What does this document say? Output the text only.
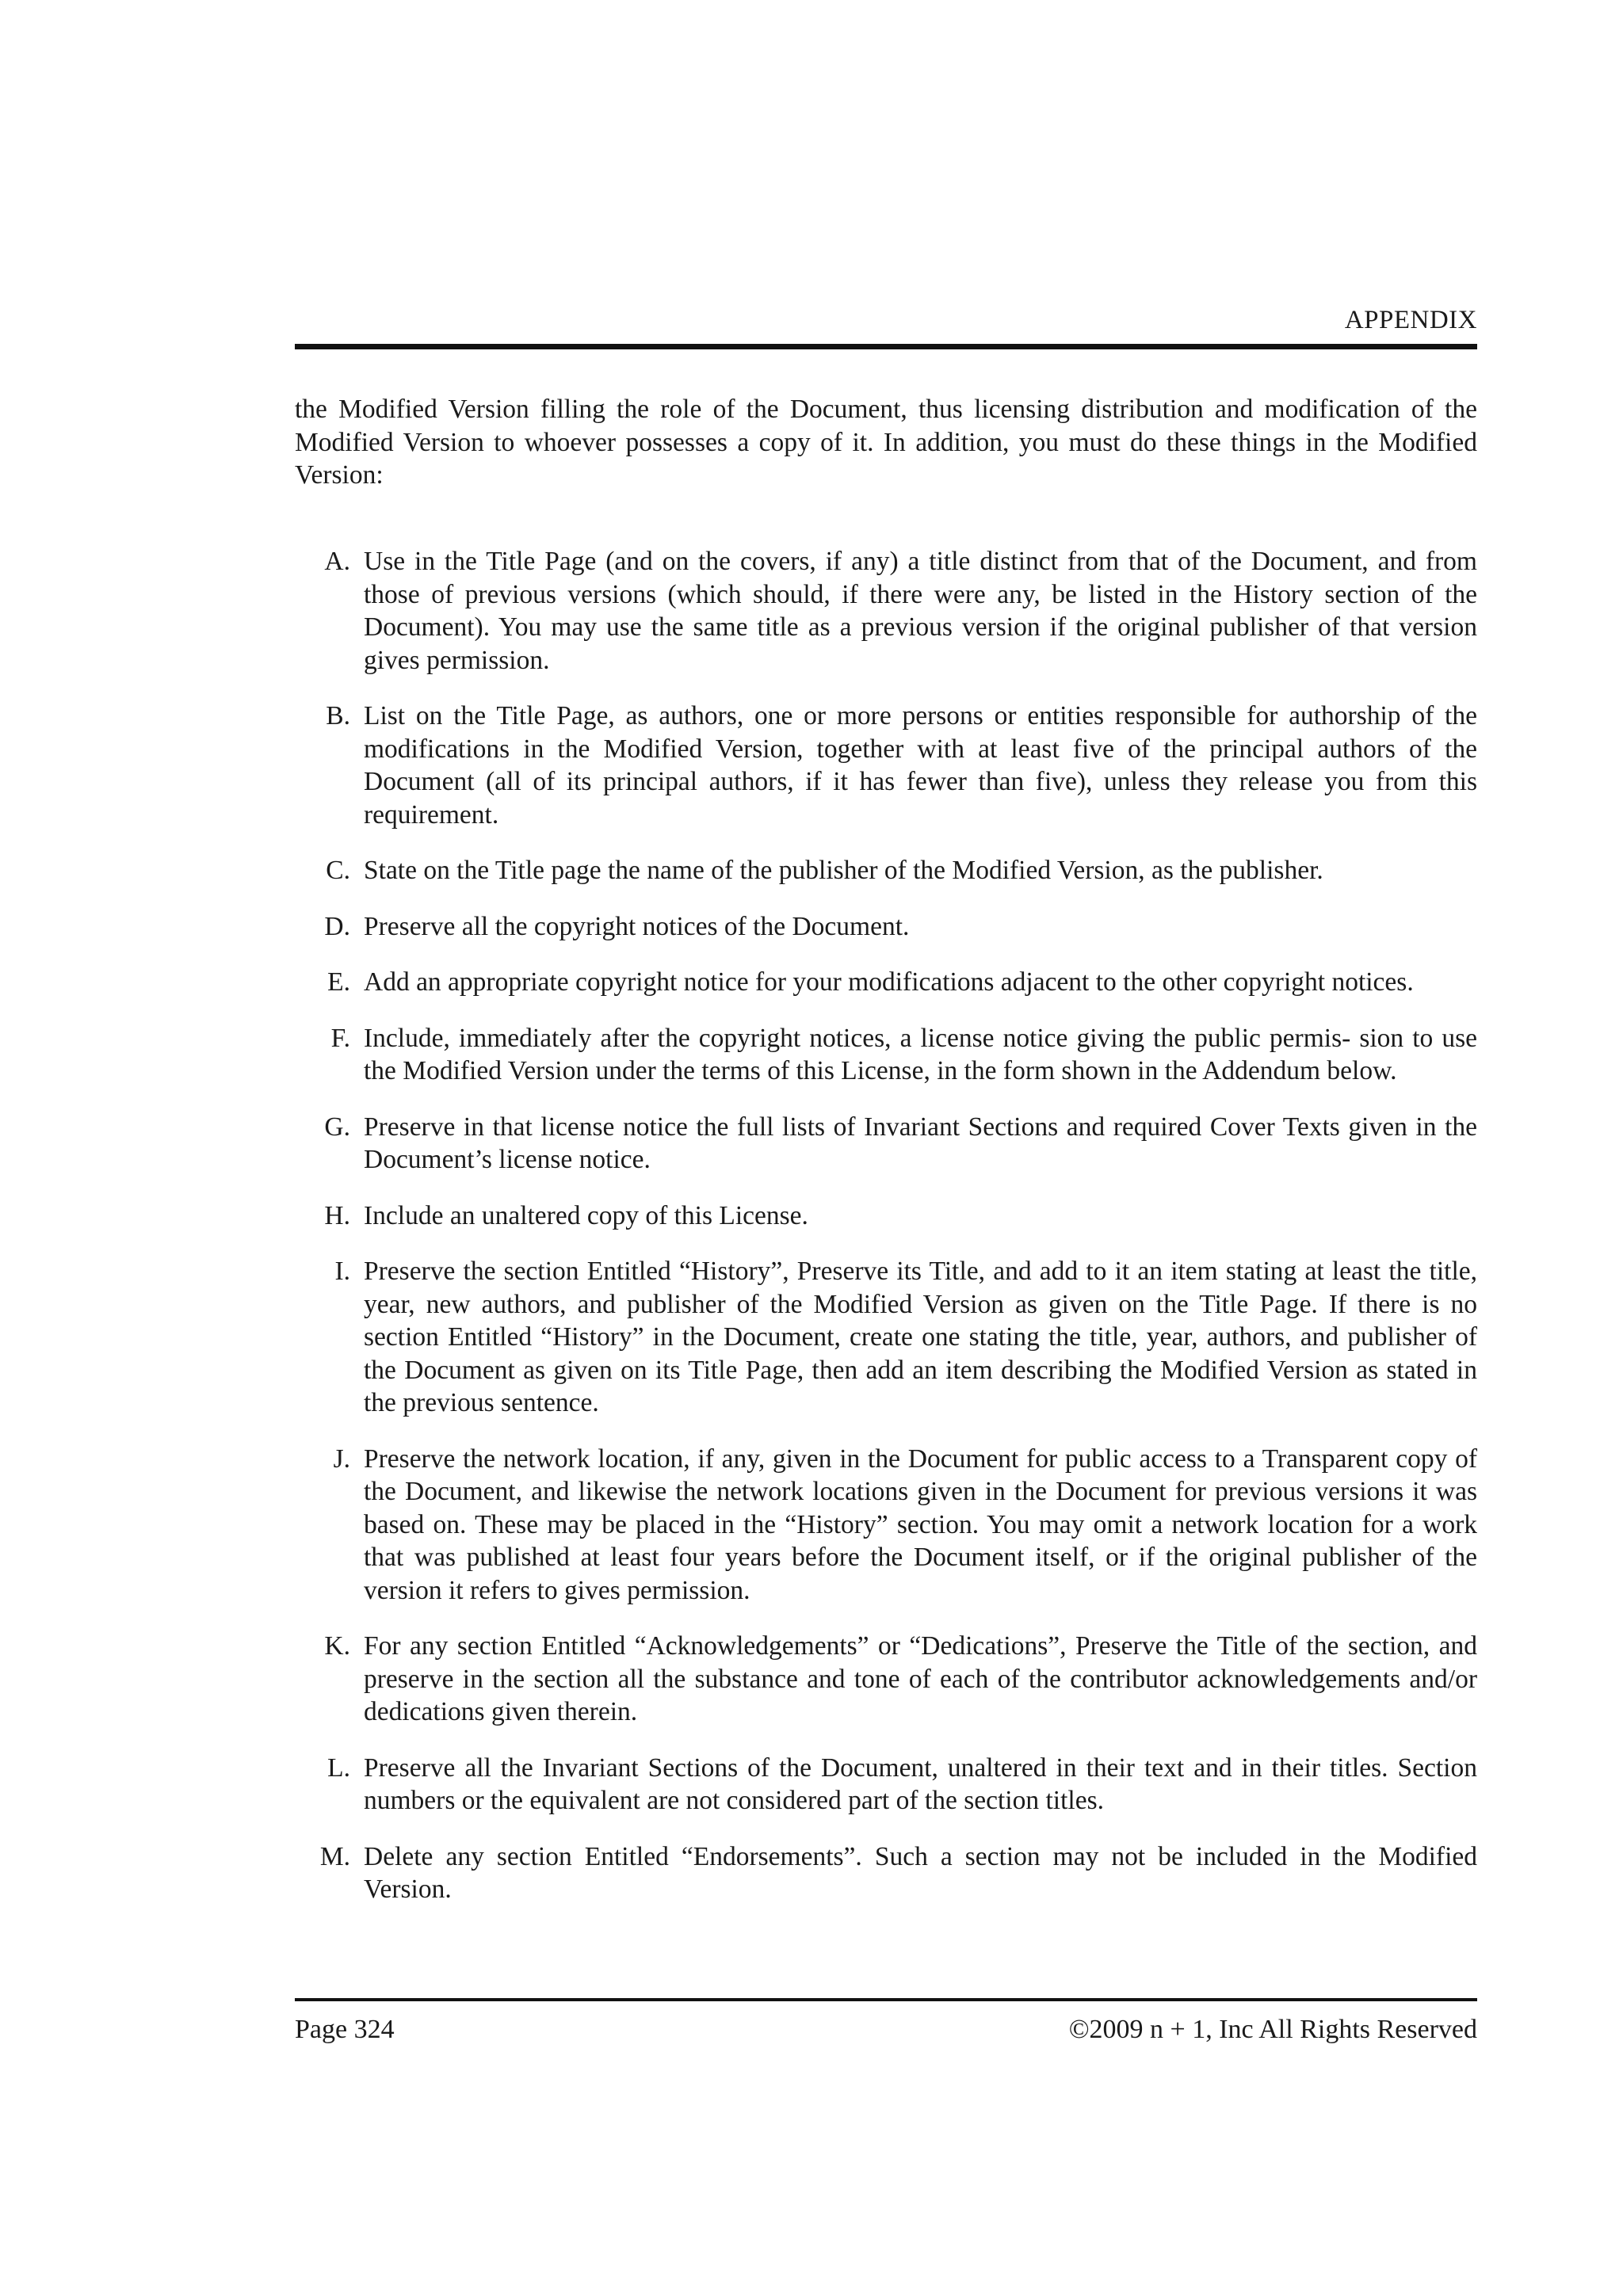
APPENDIX

the Modified Version filling the role of the Document, thus licensing distribution and modification of the Modified Version to whoever possesses a copy of it. In addition, you must do these things in the Modified Version:

A. Use in the Title Page (and on the covers, if any) a title distinct from that of the Document, and from those of previous versions (which should, if there were any, be listed in the History section of the Document). You may use the same title as a previous version if the original publisher of that version gives permission.
B. List on the Title Page, as authors, one or more persons or entities responsible for authorship of the modifications in the Modified Version, together with at least five of the principal authors of the Document (all of its principal authors, if it has fewer than five), unless they release you from this requirement.
C. State on the Title page the name of the publisher of the Modified Version, as the publisher.
D. Preserve all the copyright notices of the Document.
E. Add an appropriate copyright notice for your modifications adjacent to the other copyright notices.
F. Include, immediately after the copyright notices, a license notice giving the public permis- sion to use the Modified Version under the terms of this License, in the form shown in the Addendum below.
G. Preserve in that license notice the full lists of Invariant Sections and required Cover Texts given in the Document’s license notice.
H. Include an unaltered copy of this License.
I. Preserve the section Entitled “History”, Preserve its Title, and add to it an item stating at least the title, year, new authors, and publisher of the Modified Version as given on the Title Page. If there is no section Entitled “History” in the Document, create one stating the title, year, authors, and publisher of the Document as given on its Title Page, then add an item describing the Modified Version as stated in the previous sentence.
J. Preserve the network location, if any, given in the Document for public access to a Transparent copy of the Document, and likewise the network locations given in the Document for previous versions it was based on. These may be placed in the “History” section. You may omit a network location for a work that was published at least four years before the Document itself, or if the original publisher of the version it refers to gives permission.
K. For any section Entitled “Acknowledgements” or “Dedications”, Preserve the Title of the section, and preserve in the section all the substance and tone of each of the contributor acknowledgements and/or dedications given therein.
L. Preserve all the Invariant Sections of the Document, unaltered in their text and in their titles. Section numbers or the equivalent are not considered part of the section titles.
M. Delete any section Entitled “Endorsements”. Such a section may not be included in the Modified Version.
Page 324	©2009 n + 1, Inc All Rights Reserved
